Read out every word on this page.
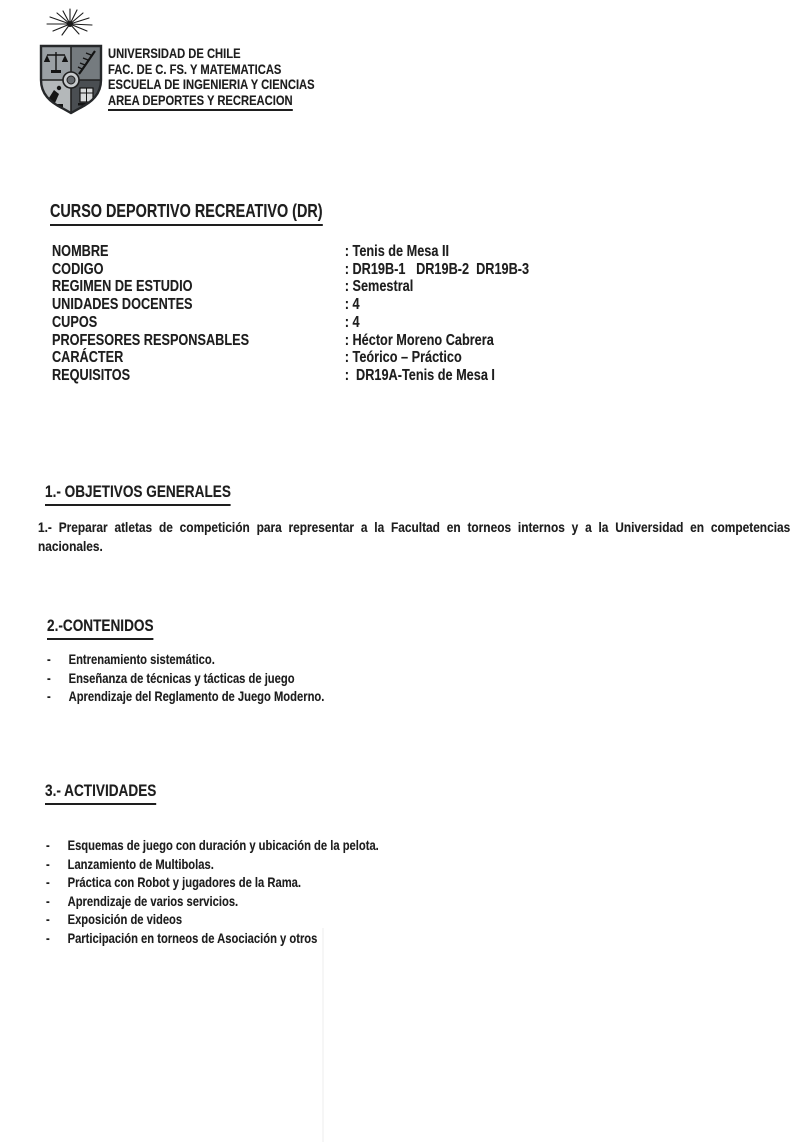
UNIVERSIDAD DE CHILE
FAC. DE C. FS. Y MATEMATICAS
ESCUELA DE INGENIERIA Y CIENCIAS
AREA DEPORTES Y RECREACION
CURSO DEPORTIVO RECREATIVO (DR)
NOMBRE	: Tenis de Mesa II
CODIGO	: DR19B-1   DR19B-2  DR19B-3
REGIMEN DE ESTUDIO	: Semestral
UNIDADES DOCENTES	: 4
CUPOS	: 4
PROFESORES RESPONSABLES	: Héctor Moreno Cabrera
CARÁCTER	: Teórico – Práctico
REQUISITOS	:  DR19A-Tenis de Mesa I
1.- OBJETIVOS GENERALES
1.- Preparar atletas de competición para representar a la Facultad en torneos internos y a la Universidad en competencias nacionales.
2.-CONTENIDOS
-	Entrenamiento sistemático.
-	Enseñanza de técnicas y tácticas de juego
-	Aprendizaje del Reglamento de Juego Moderno.
3.- ACTIVIDADES
-	Esquemas de juego con duración y ubicación de la pelota.
-	Lanzamiento de Multibolas.
-	Práctica con Robot y jugadores de la Rama.
-	Aprendizaje de varios servicios.
-	Exposición de videos
-	Participación en torneos de Asociación y otros
